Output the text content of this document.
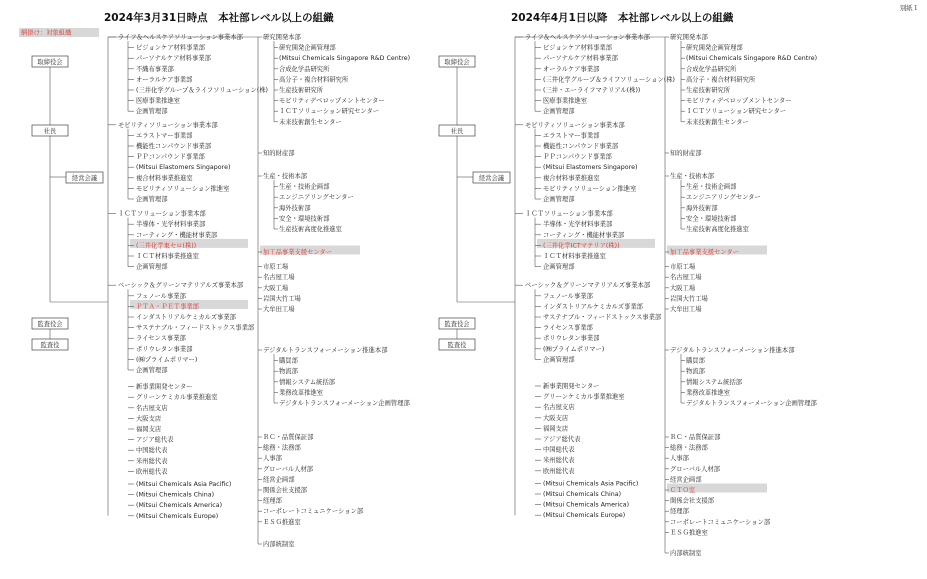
別紙１
網掛け：対象組織
2024年3月31日時点　本社部レベル以上の組織
取締役会
社長
経営会議
監査役会
監査役
ライフ＆ヘルスケアソリューション事業本部
ビジョンケア材料事業部
パーソナルケア材料事業部
不織布事業部
オーラルケア事業部
(三井化学グループ＆ライフソリューション(株)
医療事業推進室
企画管理部
モビリティソリューション事業本部
エラストマー事業部
機能性コンパウンド事業部
ＰＰコンパウンド事業部
(Mitsui Elastomers Singapore)
複合材料事業推進室
モビリティソリューション推進室
企画管理部
ＩＣＴソリューション事業本部
半導体・光学材料事業部
コーティング・機能材事業部
(三井化学東セロ(株))
ＩＣＴ材料事業推進室
企画管理部
ベーシック＆グリーンマテリアルズ事業本部
フェノール事業部
ＰＴＡ・ＰＥＴ事業部
インダストリアルケミカルズ事業部
サステナブル・フィードストックス事業部
ライセンス事業部
ポリウレタン事業部
(㈱プライムポリマー)
企画管理部
新事業開発センター
グリーンケミカル事業推進室
名古屋支店
大阪支店
福岡支店
アジア総代表
中国総代表
米州総代表
欧州総代表
(Mitsui Chemicals Asia Pacific)
(Mitsui Chemicals China)
(Mitsui Chemicals America)
(Mitsui Chemicals Europe)
研究開発本部
研究開発企画管理部
(Mitsui Chemicals Singapore R&D Centre)
合成化学品研究所
高分子・複合材料研究所
生産技術研究所
モビリティデベロップメントセンター
ＩＣＴソリューション研究センター
未来技術創生センター
知的財産部
生産・技術本部
生産・技術企画部
エンジニアリングセンター
海外技術部
安全・環境技術部
生産技術高度化推進室
加工品事業支援センター
市原工場
名古屋工場
大阪工場
岩国大竹工場
大牟田工場
デジタルトランスフォーメーション推進本部
購買部
物流部
情報システム統括部
業務改革推進室
デジタルトランスフォーメーション企画管理部
ＲＣ・品質保証部
総務・法務部
人事部
グローバル人材部
経営企画部
関係会社支援部
経理部
コーポレートコミュニケーション部
ＥＳＧ推進室
内部統制室
2024年4月1日以降　本社部レベル以上の組織
取締役会
社長
経営会議
監査役会
監査役
ライフ＆ヘルスケアソリューション事業本部
ビジョンケア材料事業部
パーソナルケア材料事業部
オーラルケア事業部
(三井化学グループ＆ライフソリューション(株)
(三井・エーライフマテリアル(株))
医療事業推進室
企画管理部
モビリティソリューション事業本部
エラストマー事業部
機能性コンパウンド事業部
ＰＰコンパウンド事業部
(Mitsui Elastomers Singapore)
複合材料事業推進室
モビリティソリューション推進室
企画管理部
ＩＣＴソリューション事業本部
半導体・光学材料事業部
コーティング・機能材事業部
(三井化学ICTマテリア(株))
ＩＣＴ材料事業推進室
企画管理部
ベーシック＆グリーンマテリアルズ事業本部
フェノール事業部
インダストリアルケミカルズ事業部
サステナブル・フィードストックス事業部
ライセンス事業部
ポリウレタン事業部
(㈱プライムポリマー)
企画管理部
新事業開発センター
グリーンケミカル事業推進室
名古屋支店
大阪支店
福岡支店
アジア総代表
中国総代表
米州総代表
欧州総代表
(Mitsui Chemicals Asia Pacific)
(Mitsui Chemicals China)
(Mitsui Chemicals America)
(Mitsui Chemicals Europe)
研究開発本部
研究開発企画管理部
(Mitsui Chemicals Singapore R&D Centre)
合成化学品研究所
高分子・複合材料研究所
生産技術研究所
モビリティデベロップメントセンター
ＩＣＴソリューション研究センター
未来技術創生センター
知的財産部
生産・技術本部
生産・技術企画部
エンジニアリングセンター
海外技術部
安全・環境技術部
生産技術高度化推進室
加工品事業支援センター
市原工場
名古屋工場
大阪工場
岩国大竹工場
大牟田工場
デジタルトランスフォーメーション推進本部
購買部
物流部
情報システム統括部
業務改革推進室
デジタルトランスフォーメーション企画管理部
ＲＣ・品質保証部
総務・法務部
人事部
グローバル人材部
経営企画部
ＣＴＯ室
関係会社支援部
経理部
コーポレートコミュニケーション部
ＥＳＧ推進室
内部統制室
